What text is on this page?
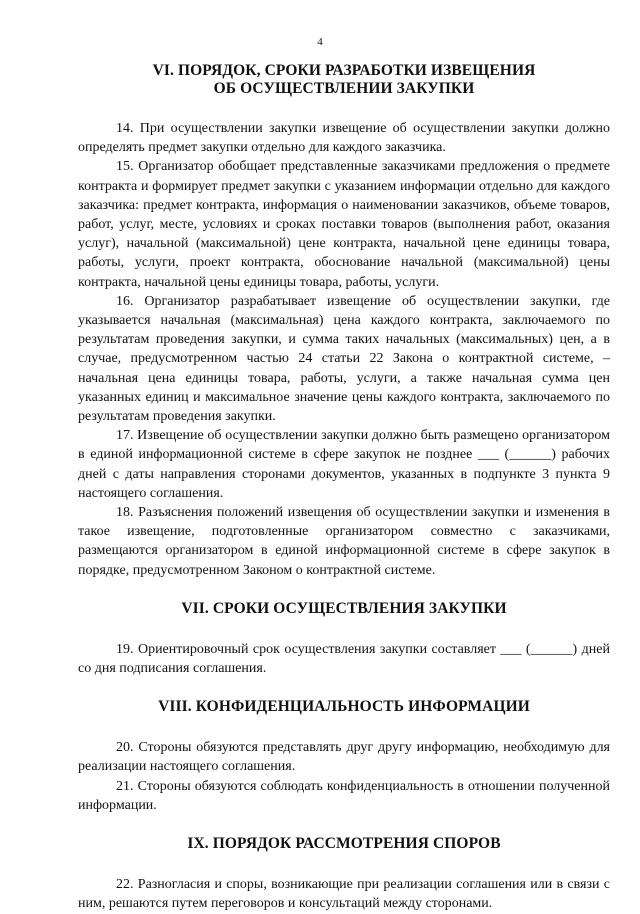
4
VI. ПОРЯДОК, СРОКИ РАЗРАБОТКИ ИЗВЕЩЕНИЯ
ОБ ОСУЩЕСТВЛЕНИИ ЗАКУПКИ

14. При осуществлении закупки извещение об осуществлении закупки должно определять предмет закупки отдельно для каждого заказчика.

15. Организатор обобщает представленные заказчиками предложения о предмете контракта и формирует предмет закупки с указанием информации отдельно для каждого заказчика: предмет контракта, информация о наименовании заказчиков, объеме товаров, работ, услуг, месте, условиях и сроках поставки товаров (выполнения работ, оказания услуг), начальной (максимальной) цене контракта, начальной цене единицы товара, работы, услуги, проект контракта, обоснование начальной (максимальной) цены контракта, начальной цены единицы товара, работы, услуги.

16. Организатор разрабатывает извещение об осуществлении закупки, где указывается начальная (максимальная) цена каждого контракта, заключаемого по результатам проведения закупки, и сумма таких начальных (максимальных) цен, а в случае, предусмотренном частью 24 статьи 22 Закона о контрактной системе, – начальная цена единицы товара, работы, услуги, а также начальная сумма цен указанных единиц и максимальное значение цены каждого контракта, заключаемого по результатам проведения закупки.

17. Извещение об осуществлении закупки должно быть размещено организатором в единой информационной системе в сфере закупок не позднее ___ (______) рабочих дней с даты направления сторонами документов, указанных в подпункте 3 пункта 9 настоящего соглашения.

18. Разъяснения положений извещения об осуществлении закупки и изменения в такое извещение, подготовленные организатором совместно с заказчиками, размещаются организатором в единой информационной системе в сфере закупок в порядке, предусмотренном Законом о контрактной системе.

VII. СРОКИ ОСУЩЕСТВЛЕНИЯ ЗАКУПКИ

19. Ориентировочный срок осуществления закупки составляет ___ (______) дней со дня подписания соглашения.

VIII. КОНФИДЕНЦИАЛЬНОСТЬ ИНФОРМАЦИИ

20. Стороны обязуются представлять друг другу информацию, необходимую для реализации настоящего соглашения.

21. Стороны обязуются соблюдать конфиденциальность в отношении полученной информации.

IX. ПОРЯДОК РАССМОТРЕНИЯ СПОРОВ

22. Разногласия и споры, возникающие при реализации соглашения или в связи с ним, решаются путем переговоров и консультаций между сторонами.
